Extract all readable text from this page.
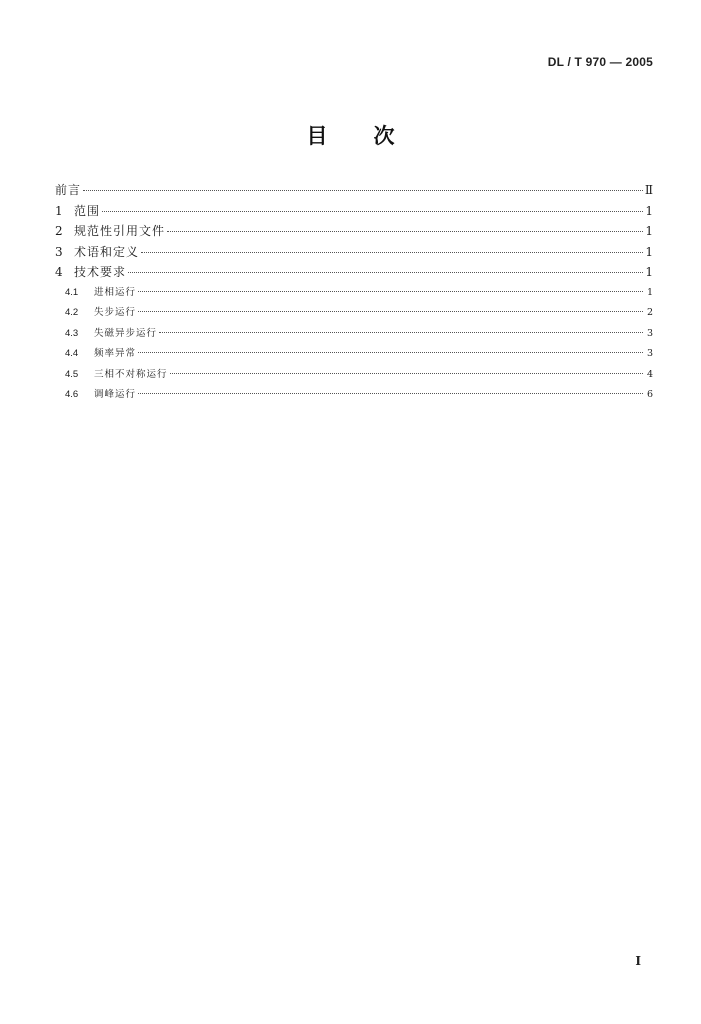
DL / T 970 — 2005
目次
前言	Ⅱ
1 范围	1
2 规范性引用文件	1
3 术语和定义	1
4 技术要求	1
4.1	进相运行	1
4.2	失步运行	2
4.3	失磁异步运行	3
4.4	频率异常	3
4.5	三相不对称运行	4
4.6	调峰运行	6
I
